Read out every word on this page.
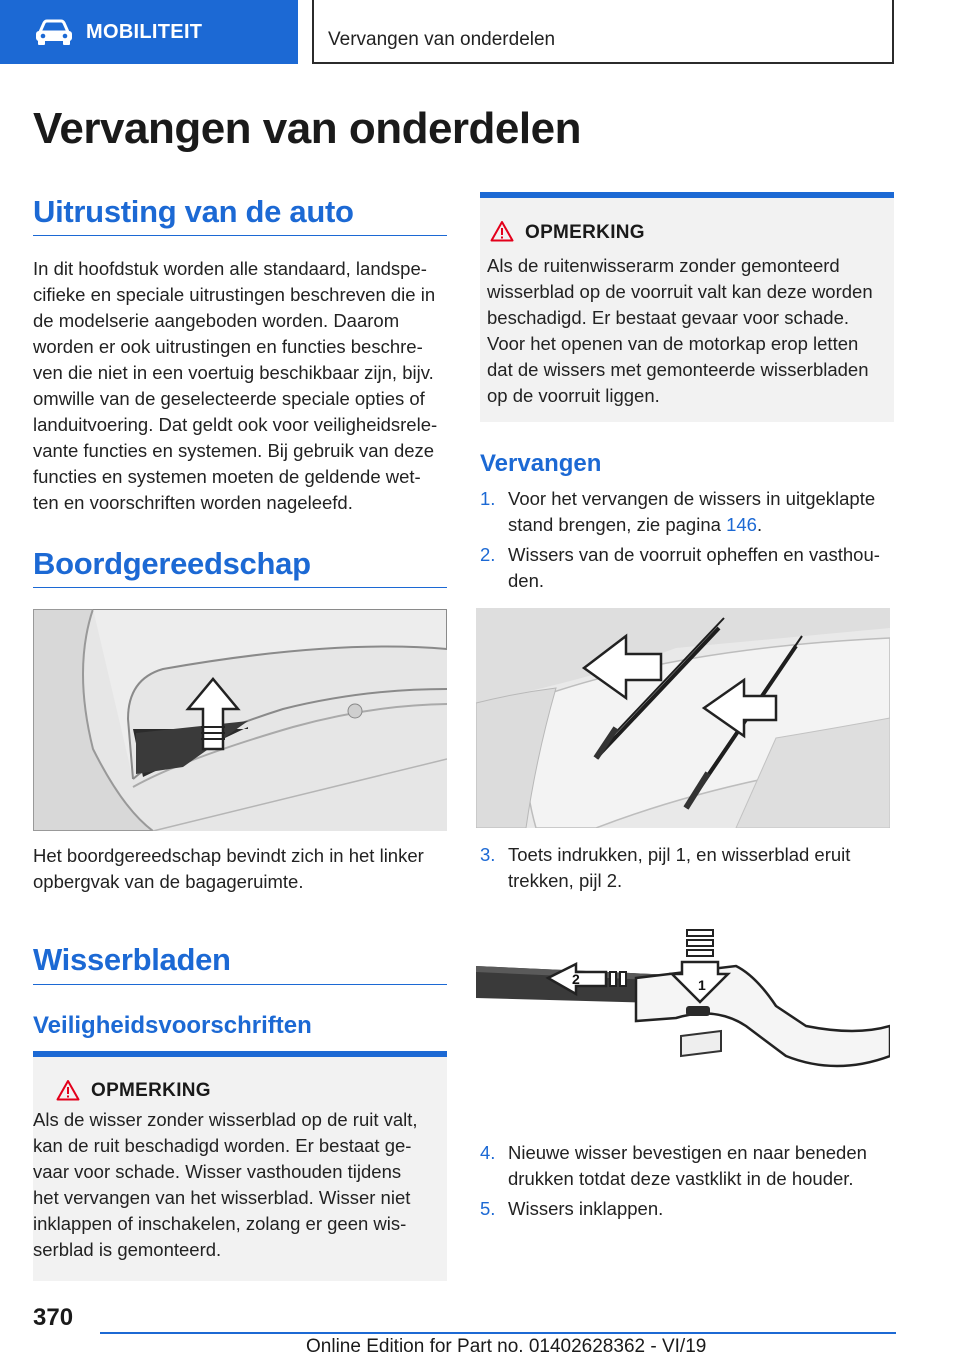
MOBILITEIT	Vervangen van onderdelen
Vervangen van onderdelen
Uitrusting van de auto
In dit hoofdstuk worden alle standaard, landspe-
cifieke en speciale uitrustingen beschreven die in
de modelserie aangeboden worden. Daarom
worden er ook uitrustingen en functies beschre-
ven die niet in een voertuig beschikbaar zijn, bijv.
omwille van de geselecteerde speciale opties of
landuitvoering. Dat geldt ook voor veiligheidsrele-
vante functies en systemen. Bij gebruik van deze
functies en systemen moeten de geldende wet-
ten en voorschriften worden nageleefd.
Boordgereedschap
Het boordgereedschap bevindt zich in het linker
opbergvak van de bagageruimte.
Wisserbladen
Veiligheidsvoorschriften
OPMERKING
Als de wisser zonder wisserblad op de ruit valt,
kan de ruit beschadigd worden. Er bestaat ge-
vaar voor schade. Wisser vasthouden tijdens
het vervangen van het wisserblad. Wisser niet
inklappen of inschakelen, zolang er geen wis-
serblad is gemonteerd.
OPMERKING
Als de ruitenwisserarm zonder gemonteerd
wisserblad op de voorruit valt kan deze worden
beschadigd. Er bestaat gevaar voor schade.
Voor het openen van de motorkap erop letten
dat de wissers met gemonteerde wisserbladen
op de voorruit liggen.
Vervangen
1. Voor het vervangen de wissers in uitgeklapte
stand brengen, zie pagina 146.
2. Wissers van de voorruit opheffen en vasthou-
den.
3. Toets indrukken, pijl 1, en wisserblad eruit
trekken, pijl 2.
1
2
4. Nieuwe wisser bevestigen en naar beneden
drukken totdat deze vastklikt in de houder.
5. Wissers inklappen.
370
Online Edition for Part no. 01402628362 - VI/19
